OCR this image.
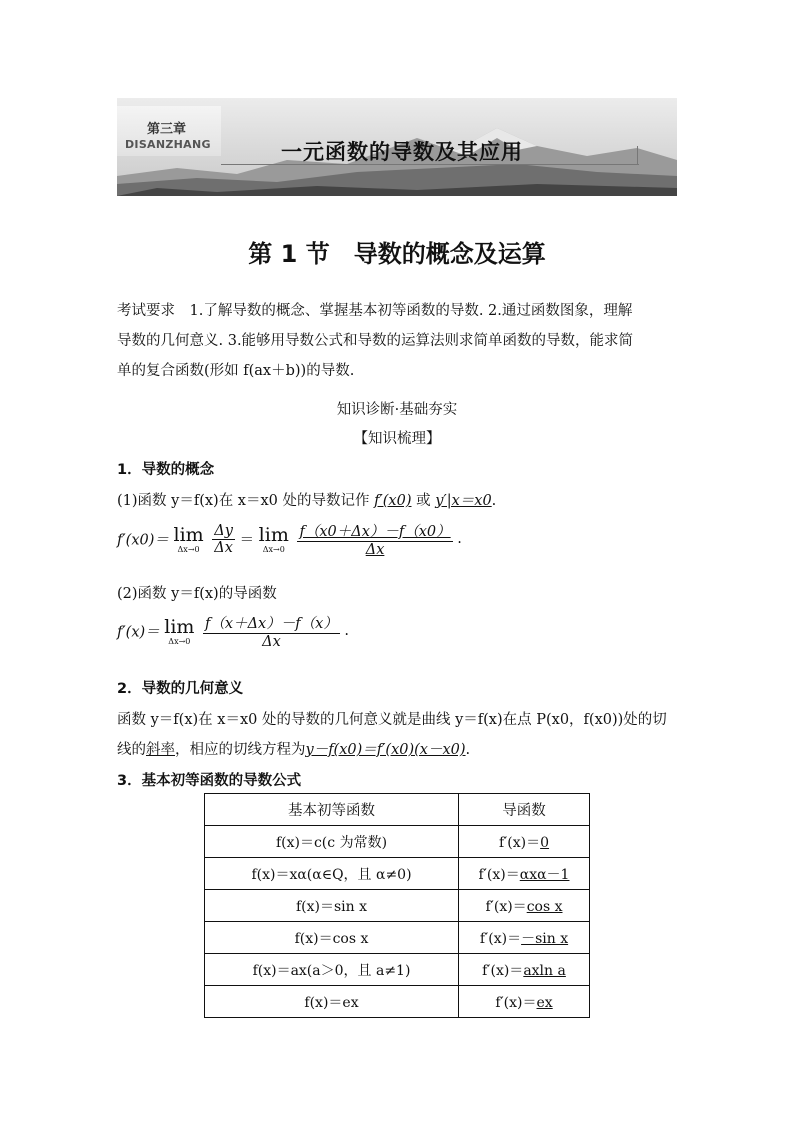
第三章
DISANZHANG	一元函数的导数及其应用
第 1 节　导数的概念及运算
考试要求　1.了解导数的概念、掌握基本初等函数的导数. 2.通过函数图象，理解
导数的几何意义. 3.能够用导数公式和导数的运算法则求简单函数的导数，能求简
单的复合函数(形如 f(ax＋b))的导数.
知识诊断·基础夯实
【知识梳理】
1．导数的概念
(1)函数 y＝f(x)在 x＝x0 处的导数记作 f′(x0) 或 y′|x＝x0.
f′(x0)＝ lim
Δx→0
$\frac{\Delta y}{\Delta x} = \lim$
Δx→0
$\frac{f(x0+\Delta x)-f(x0)}{\Delta x}$ .
(2)函数 y＝f(x)的导函数
f′(x)＝ lim
Δx→0
$\frac{f(x+\Delta x)-f(x)}{\Delta x}$ .
2．导数的几何意义
函数 y＝f(x)在 x＝x0 处的导数的几何意义就是曲线 y＝f(x)在点 P(x0，f(x0))处的切
线的斜率，相应的切线方程为y－f(x0)＝f′(x0)(x－x0).
3．基本初等函数的导数公式
基本初等函数	导函数
f(x)＝c(c 为常数)	f′(x)＝0
f(x)＝xα(α∈Q，且 α≠0)	f′(x)＝αxα－1
f(x)＝sin x	f′(x)＝cos x
f(x)＝cos x	f′(x)＝－sin x
f(x)＝ax(a＞0，且 a≠1)	f′(x)＝axln a
f(x)＝ex	f′(x)＝ex
